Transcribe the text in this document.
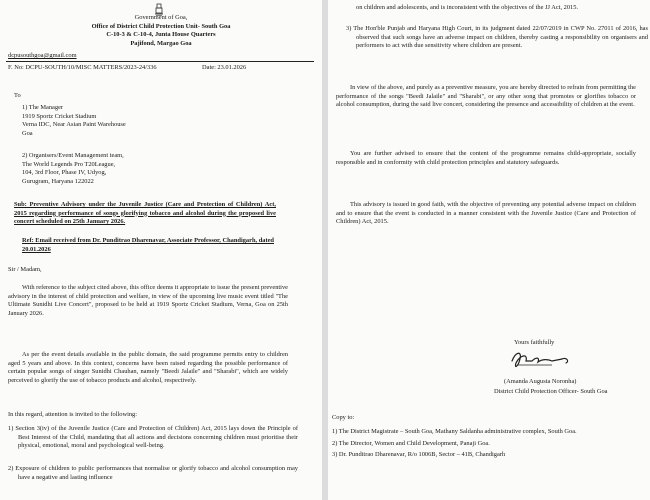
Government of Goa,
Office of District Child Protection Unit- South Goa
C-10-3 & C-10-4, Junta House Quarters
Pajifond, Margao Goa
dcpusouthgoa@gmail.com
F. No: DCPU-SOUTH/10/MISC MATTERS/2023-24/336	Date: 23.01.2026
To
1) The Manager
1919 Sportz Cricket Stadium
Verna IDC, Near Asian Paint Warehouse
Goa
2) Organisers/Event Management team,
The World Legends Pro T20League,
104, 3rd Floor, Phase IV, Udyog,
Gurugram, Haryana 122022
Sub: Preventive Advisory under the Juvenile Justice (Care and Protection of Children) Act, 2015 regarding performance of songs glorifying tobacco and alcohol during the proposed live concert scheduled on 25th January 2026.
Ref: Email received from Dr. Punditrao Dharenavar, Associate Professor, Chandigarh, dated 20.01.2026
Sir / Madam,
With reference to the subject cited above, this office deems it appropriate to issue the present preventive advisory in the interest of child protection and welfare, in view of the upcoming live music event titled "The Ultimate Sunidhi Live Concert", proposed to be held at 1919 Sportz Cricket Stadium, Verna, Goa on 25th January 2026.
As per the event details available in the public domain, the said programme permits entry to children aged 5 years and above. In this context, concerns have been raised regarding the possible performance of certain popular songs of singer Sunidhi Chauhan, namely "Beedi Jalaile" and "Sharabi", which are widely perceived to glorify the use of tobacco products and alcohol, respectively.
In this regard, attention is invited to the following:
1) Section 3(iv) of the Juvenile Justice (Care and Protection of Children) Act, 2015 lays down the Principle of Best Interest of the Child, mandating that all actions and decisions concerning children must prioritise their physical, emotional, moral and psychological well-being.
2) Exposure of children to public performances that normalise or glorify tobacco and alcohol consumption may have a negative and lasting influence
on children and adolescents, and is inconsistent with the objectives of the JJ Act, 2015.
3) The Hon'ble Punjab and Haryana High Court, in its judgment dated 22/07/2019 in CWP No. 27011 of 2016, has observed that such songs have an adverse impact on children, thereby casting a responsibility on organisers and performers to act with due sensitivity where children are present.
In view of the above, and purely as a preventive measure, you are hereby directed to refrain from permitting the performance of the songs "Beedi Jalaile" and "Sharabi", or any other song that promotes or glorifies tobacco or alcohol consumption, during the said live concert, considering the presence and accessibility of children at the event.
You are further advised to ensure that the content of the programme remains child-appropriate, socially responsible and in conformity with child protection principles and statutory safeguards.
This advisory is issued in good faith, with the objective of preventing any potential adverse impact on children and to ensure that the event is conducted in a manner consistent with the Juvenile Justice (Care and Protection of Children) Act, 2015.
Yours faithfully
(Amanda Augusta Noronha)
District Child Protection Officer- South Goa
Copy to:
1) The District Magistrate – South Goa, Mathany Saldanha administrative complex, South Goa.
2) The Director, Women and Child Development, Panaji Goa.
3) Dr. Punditrao Dharenavar, R/o 1006B, Sector – 41B, Chandigarh
